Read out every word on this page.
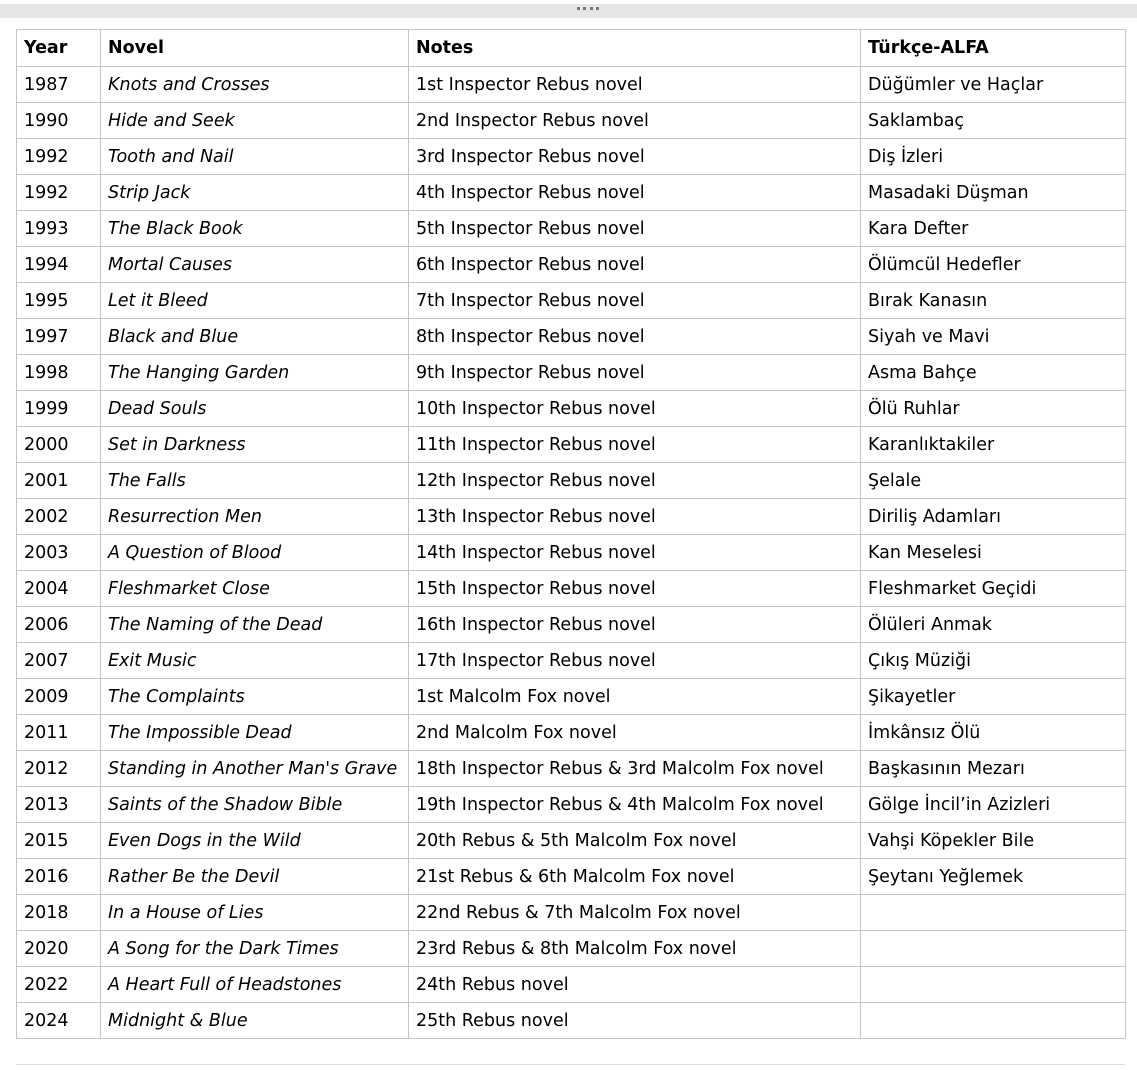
Year	Novel	Notes	Türkçe-ALFA
1987	Knots and Crosses	1st Inspector Rebus novel	Düğümler ve Haçlar
1990	Hide and Seek	2nd Inspector Rebus novel	Saklambaç
1992	Tooth and Nail	3rd Inspector Rebus novel	Diş İzleri
1992	Strip Jack	4th Inspector Rebus novel	Masadaki Düşman
1993	The Black Book	5th Inspector Rebus novel	Kara Defter
1994	Mortal Causes	6th Inspector Rebus novel	Ölümcül Hedefler
1995	Let it Bleed	7th Inspector Rebus novel	Bırak Kanasın
1997	Black and Blue	8th Inspector Rebus novel	Siyah ve Mavi
1998	The Hanging Garden	9th Inspector Rebus novel	Asma Bahçe
1999	Dead Souls	10th Inspector Rebus novel	Ölü Ruhlar
2000	Set in Darkness	11th Inspector Rebus novel	Karanlıktakiler
2001	The Falls	12th Inspector Rebus novel	Şelale
2002	Resurrection Men	13th Inspector Rebus novel	Diriliş Adamları
2003	A Question of Blood	14th Inspector Rebus novel	Kan Meselesi
2004	Fleshmarket Close	15th Inspector Rebus novel	Fleshmarket Geçidi
2006	The Naming of the Dead	16th Inspector Rebus novel	Ölüleri Anmak
2007	Exit Music	17th Inspector Rebus novel	Çıkış Müziği
2009	The Complaints	1st Malcolm Fox novel	Şikayetler
2011	The Impossible Dead	2nd Malcolm Fox novel	İmkânsız Ölü
2012	Standing in Another Man's Grave	18th Inspector Rebus & 3rd Malcolm Fox novel	Başkasının Mezarı
2013	Saints of the Shadow Bible	19th Inspector Rebus & 4th Malcolm Fox novel	Gölge İncil’in Azizleri
2015	Even Dogs in the Wild	20th Rebus & 5th Malcolm Fox novel	Vahşi Köpekler Bile
2016	Rather Be the Devil	21st Rebus & 6th Malcolm Fox novel	Şeytanı Yeğlemek
2018	In a House of Lies	22nd Rebus & 7th Malcolm Fox novel	
2020	A Song for the Dark Times	23rd Rebus & 8th Malcolm Fox novel	
2022	A Heart Full of Headstones	24th Rebus novel	
2024	Midnight & Blue	25th Rebus novel	
